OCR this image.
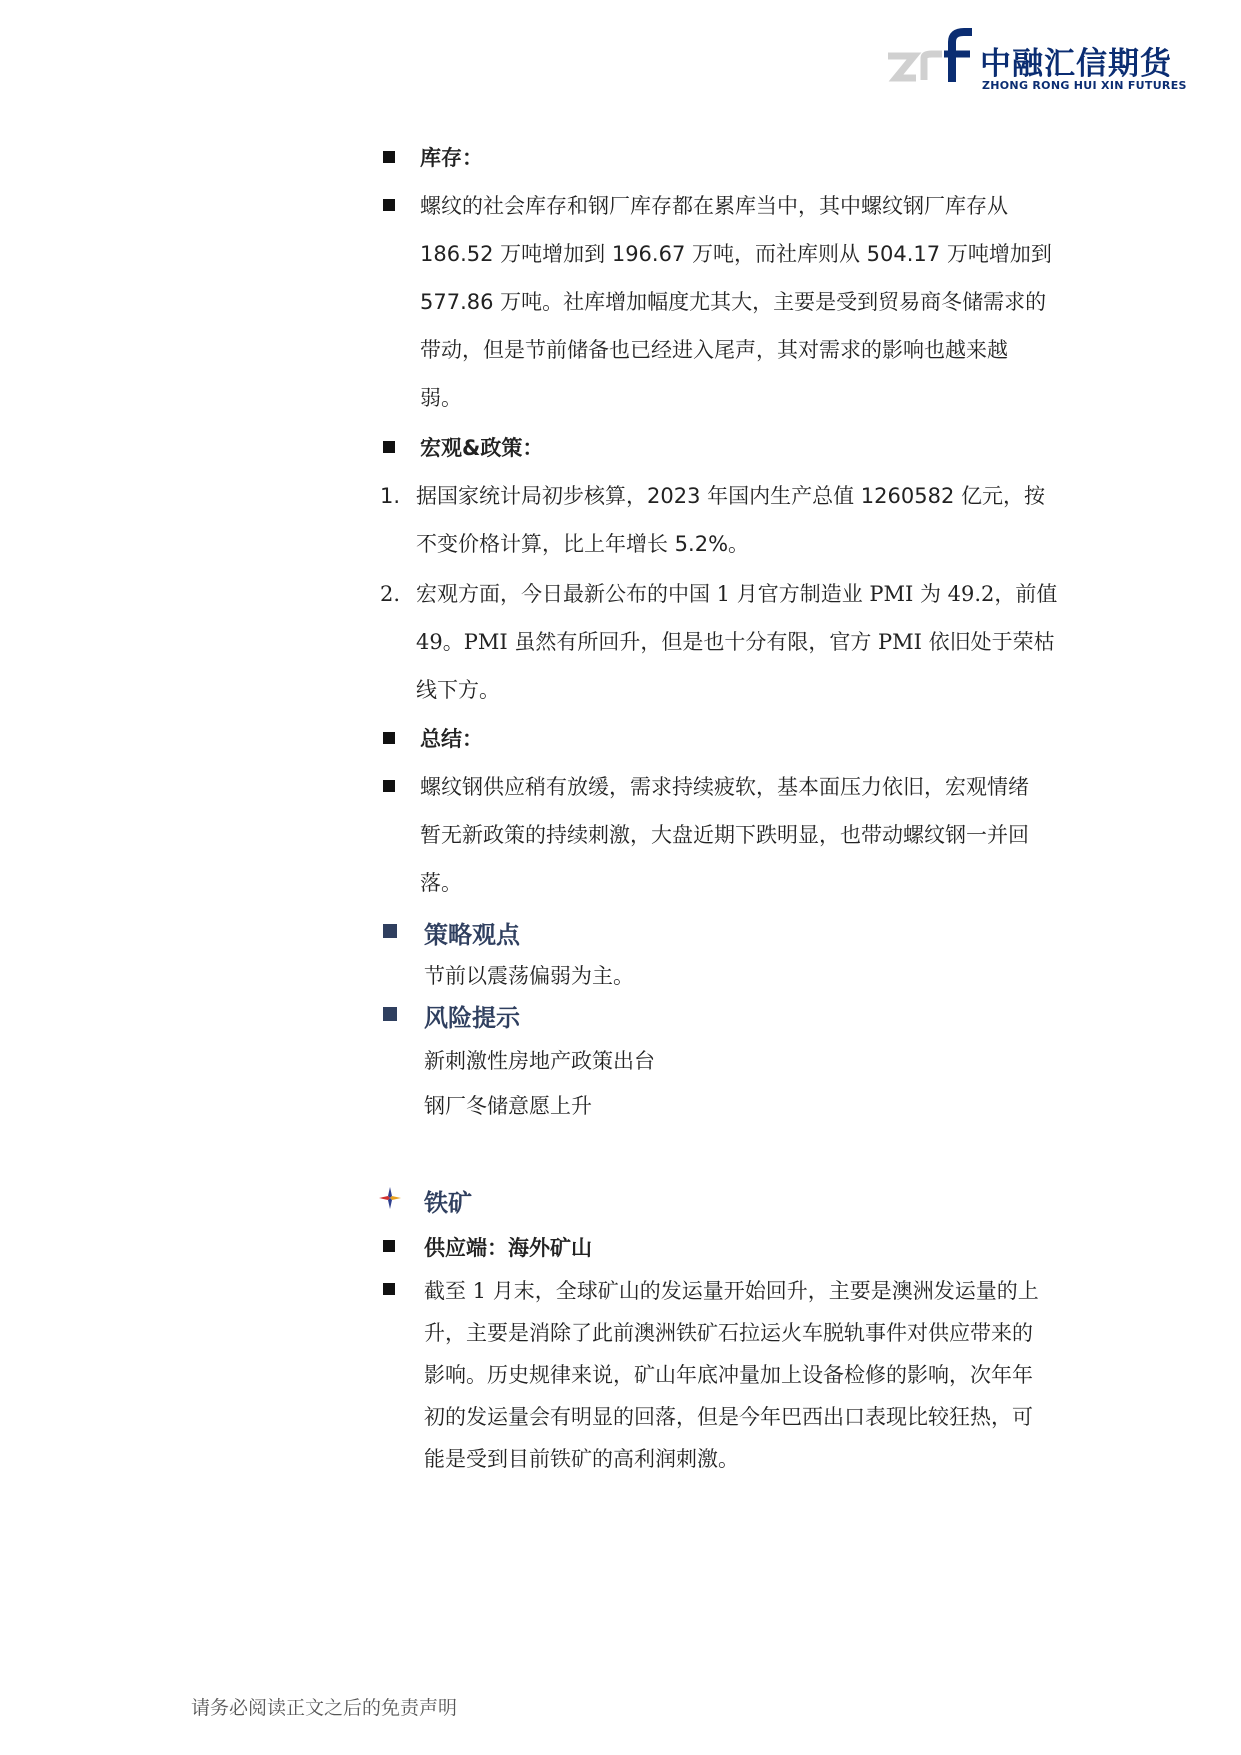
中融汇信期货
ZHONG RONG HUI XIN FUTURES
库存：
螺纹的社会库存和钢厂库存都在累库当中，其中螺纹钢厂库存从
186.52 万吨增加到 196.67 万吨，而社库则从 504.17 万吨增加到
577.86 万吨。社库增加幅度尤其大，主要是受到贸易商冬储需求的
带动，但是节前储备也已经进入尾声，其对需求的影响也越来越
弱。
宏观&政策：
1. 据国家统计局初步核算，2023 年国内生产总值 1260582 亿元，按
不变价格计算，比上年增长 5.2%。
2. 宏观方面，今日最新公布的中国 1 月官方制造业 PMI 为 49.2，前值
49。PMI 虽然有所回升，但是也十分有限，官方 PMI 依旧处于荣枯
线下方。
总结：
螺纹钢供应稍有放缓，需求持续疲软，基本面压力依旧，宏观情绪
暂无新政策的持续刺激，大盘近期下跌明显，也带动螺纹钢一并回
落。
策略观点
节前以震荡偏弱为主。
风险提示
新刺激性房地产政策出台
钢厂冬储意愿上升
铁矿
供应端：海外矿山
截至 1 月末，全球矿山的发运量开始回升，主要是澳洲发运量的上
升，主要是消除了此前澳洲铁矿石拉运火车脱轨事件对供应带来的
影响。历史规律来说，矿山年底冲量加上设备检修的影响，次年年
初的发运量会有明显的回落，但是今年巴西出口表现比较狂热，可
能是受到目前铁矿的高利润刺激。
请务必阅读正文之后的免责声明
